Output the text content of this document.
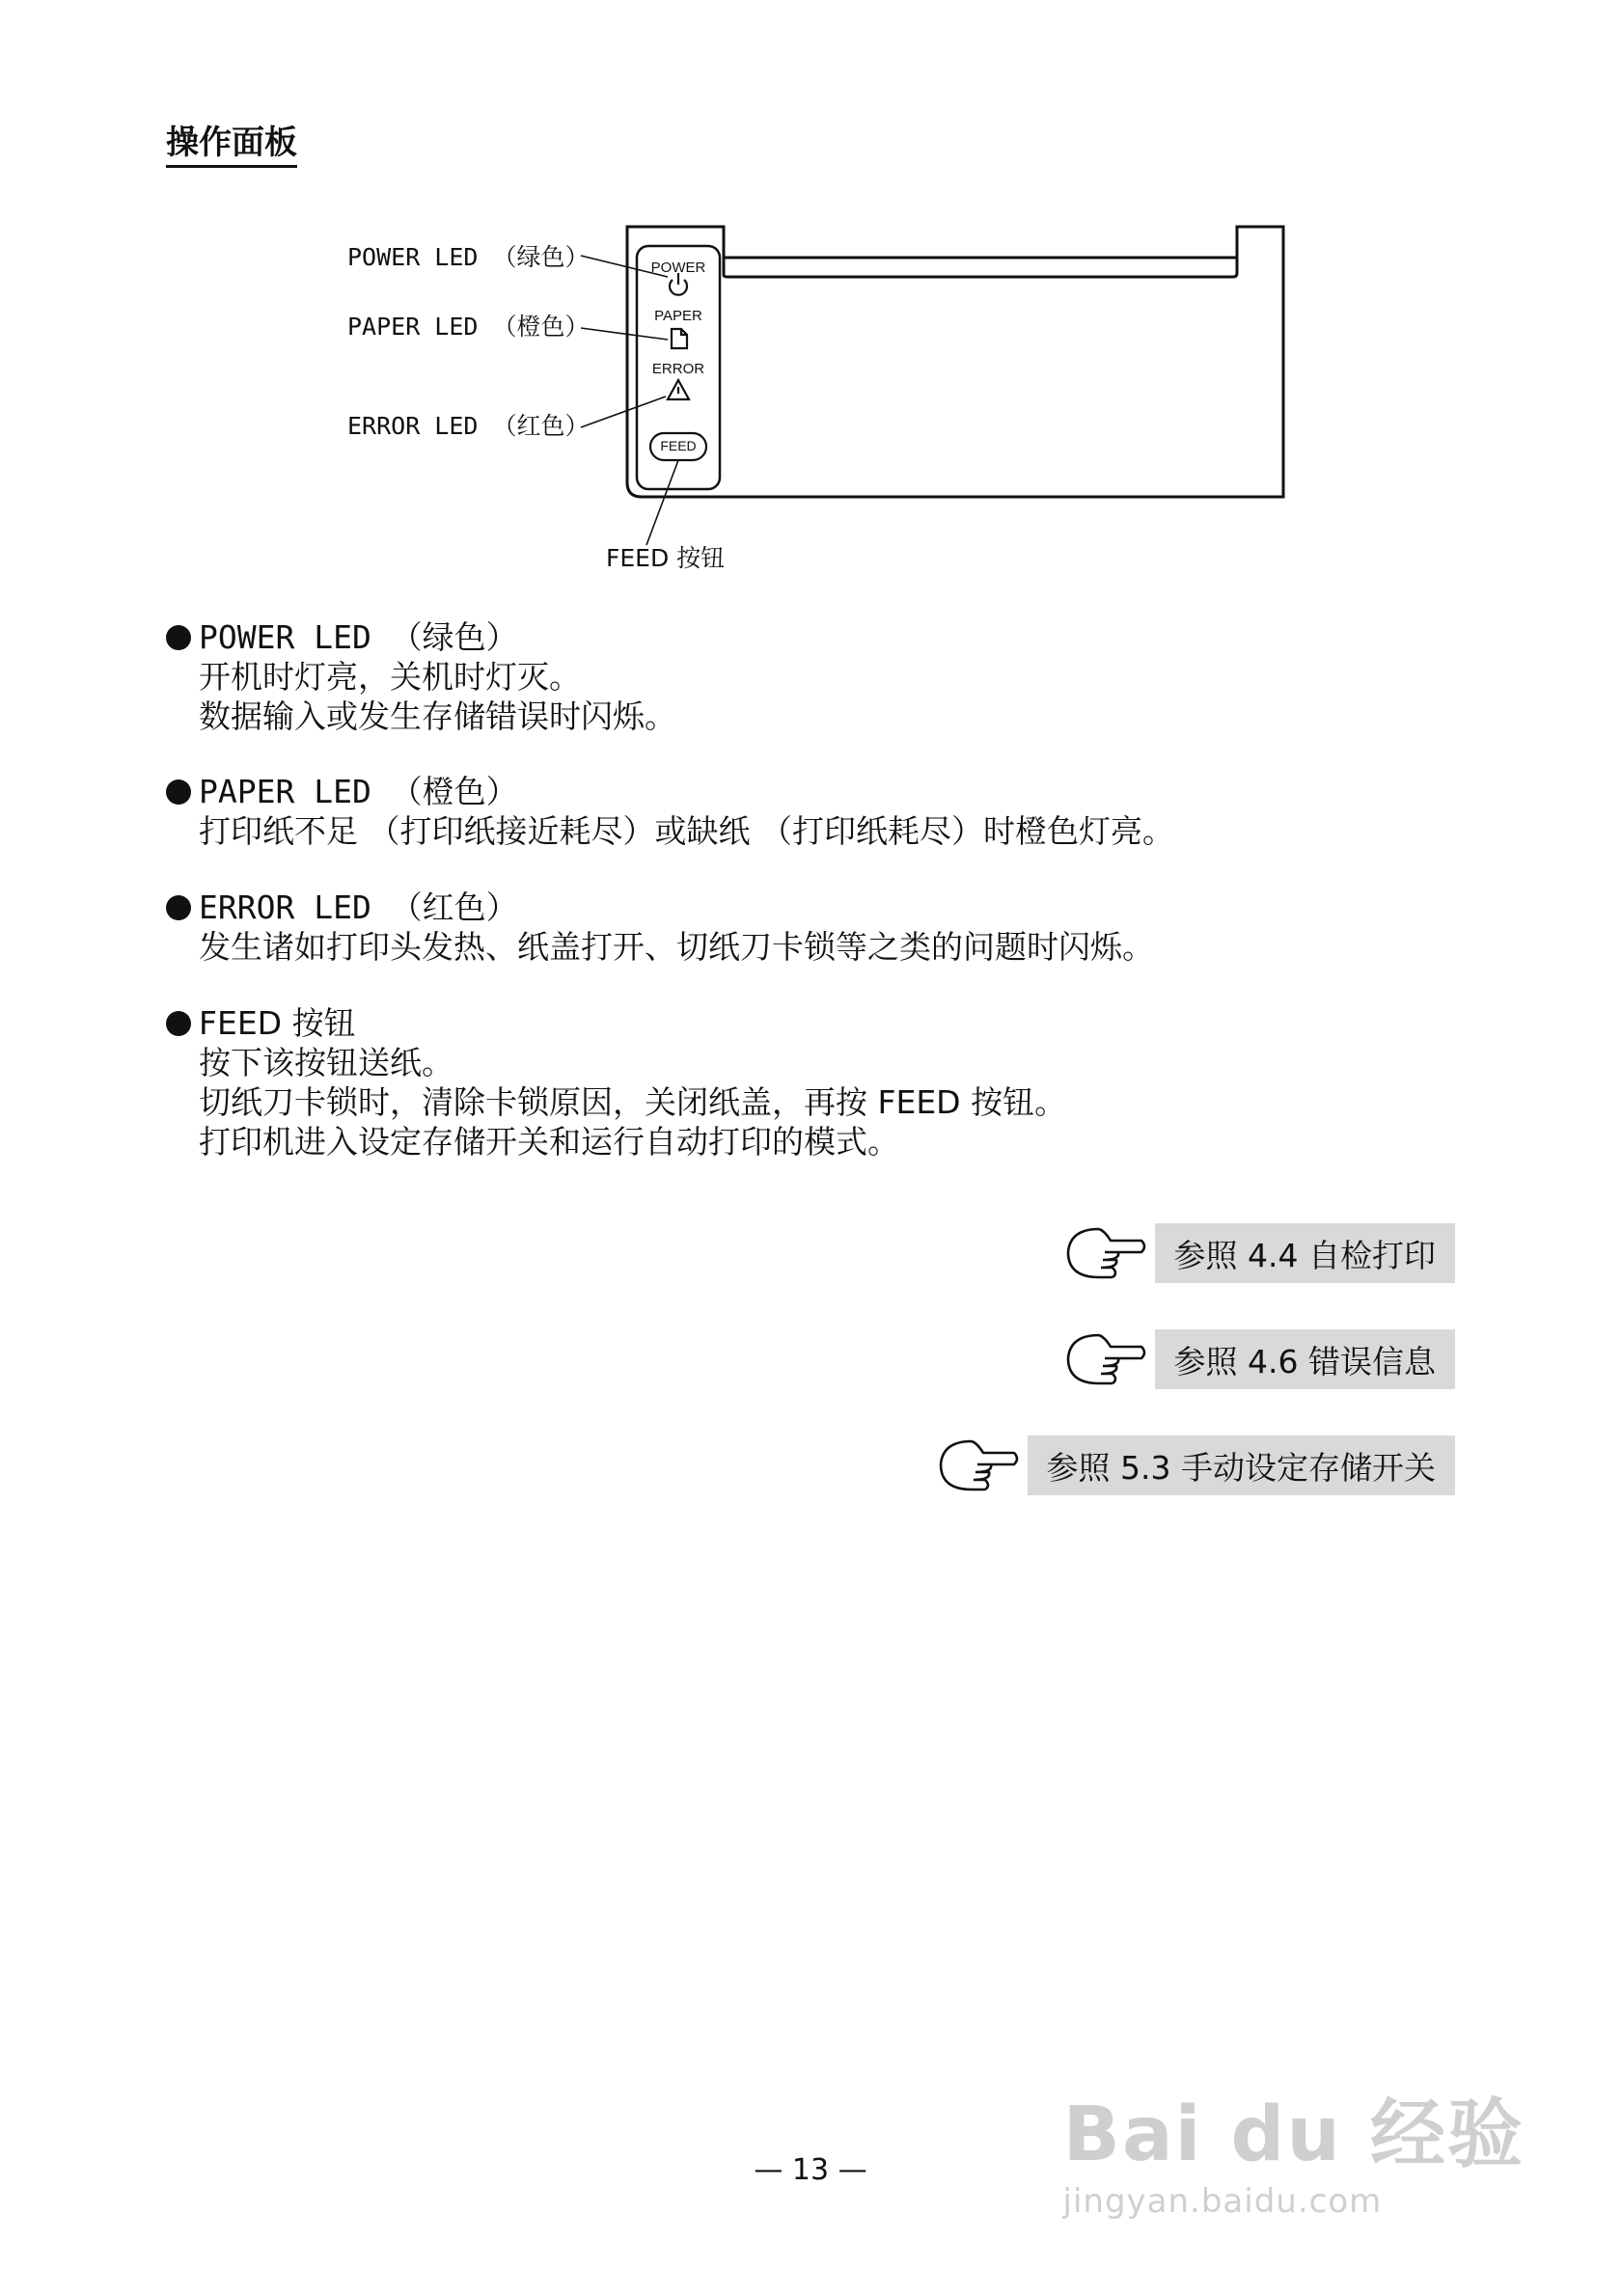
操作面板
POWER
PAPER
ERROR
FEED
POWER LED （绿色）
PAPER LED （橙色）
ERROR LED （红色）
FEED 按钮
POWER LED （绿色）
开机时灯亮，关机时灯灭。
数据输入或发生存储错误时闪烁。
PAPER LED （橙色）
打印纸不足 （打印纸接近耗尽）或缺纸 （打印纸耗尽）时橙色灯亮。
ERROR LED （红色）
发生诸如打印头发热、纸盖打开、切纸刀卡锁等之类的问题时闪烁。
FEED 按钮
按下该按钮送纸。
切纸刀卡锁时，清除卡锁原因，关闭纸盖，再按 FEED 按钮。
打印机进入设定存储开关和运行自动打印的模式。
参照 4.4 自检打印
参照 4.6 错误信息
参照 5.3 手动设定存储开关
— 13 —	Bai du 经验
jingyan.baidu.com
